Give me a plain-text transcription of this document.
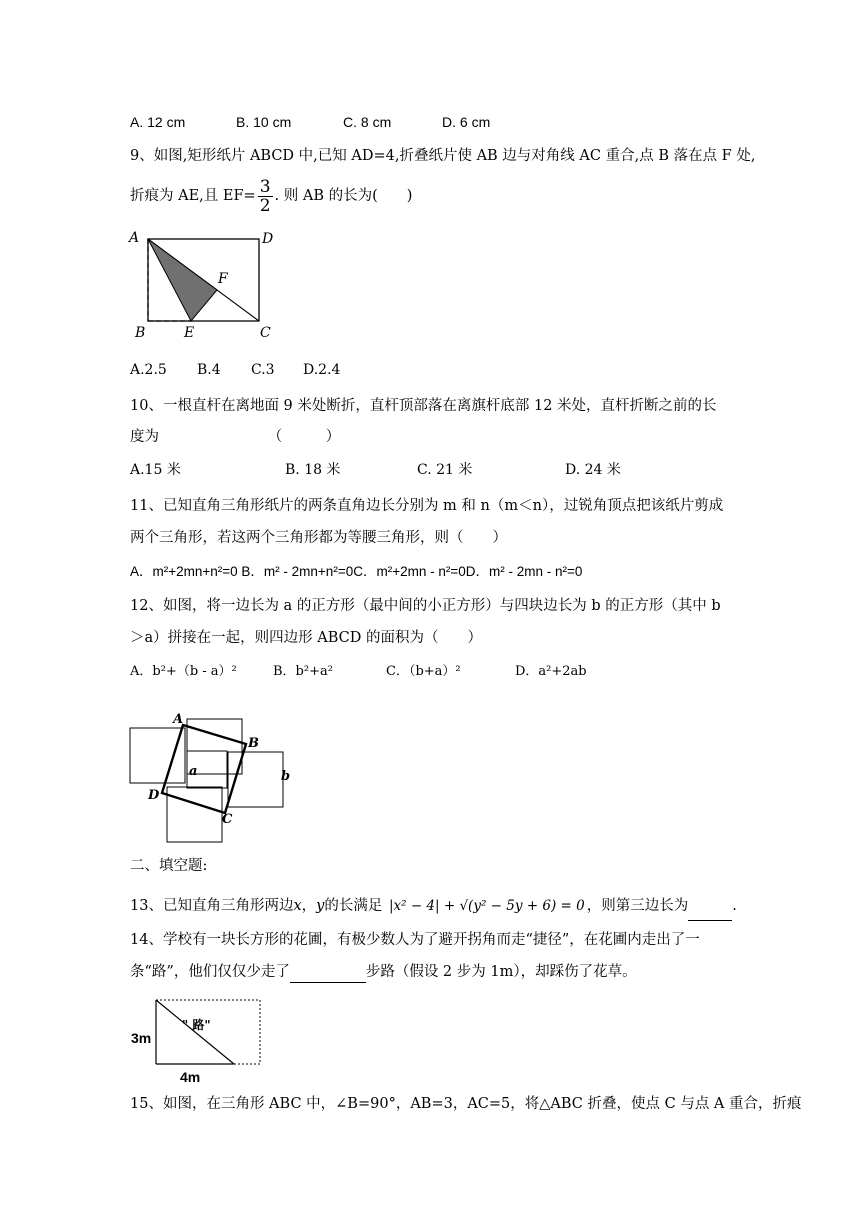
A. 12 cm	B. 10 cm	C. 8 cm	D. 6 cm
9、如图,矩形纸片 ABCD 中,已知 AD=4,折叠纸片使 AB 边与对角线 AC 重合,点 B 落在点 F 处,
折痕为 AE,且 $EF= \frac{3}{2}$ . 则 AB 的长为(　　)
A	D
F
B	E	C
A.2.5 B.4 C.3 D.2.4
10、一根直杆在离地面 9 米处断折，直杆顶部落在离旗杆底部 12 米处，直杆折断之前的长
度为　　　　　　　　（　　　）
A.15 米	B. 18 米	C. 21 米	D. 24 米
11、已知直角三角形纸片的两条直角边长分别为 m 和 n（m＜n），过锐角顶点把该纸片剪成
两个三角形，若这两个三角形都为等腰三角形，则（　　）
A．m²+2mn+n²=0 B．m² - 2mn+n²=0C．m²+2mn - n²=0D．m² - 2mn - n²=0
12、如图，将一边长为 a 的正方形（最中间的小正方形）与四块边长为 b 的正方形（其中 b
＞a）拼接在一起，则四边形 ABCD 的面积为（　　）
A．b²+（b - a）²	B．b²+a²	C．（b+a）²	D．a²+2ab
A
B
C
D
a	b
二、填空题:
13、已知直角三角形两边x，y的长满足 |x² − 4| + √(y² − 5y + 6) = 0 ，则第三边长为	.
14、学校有一块长方形的花圃，有极少数人为了避开拐角而走“捷径”，在花圃内走出了一
条“路”，他们仅仅少走了	步路（假设 2 步为 1m），却踩伤了花草。
" 路"
3m
4m
15、如图，在三角形 ABC 中，∠B=90°，AB=3，AC=5，将△ABC 折叠，使点 C 与点 A 重合，折痕
